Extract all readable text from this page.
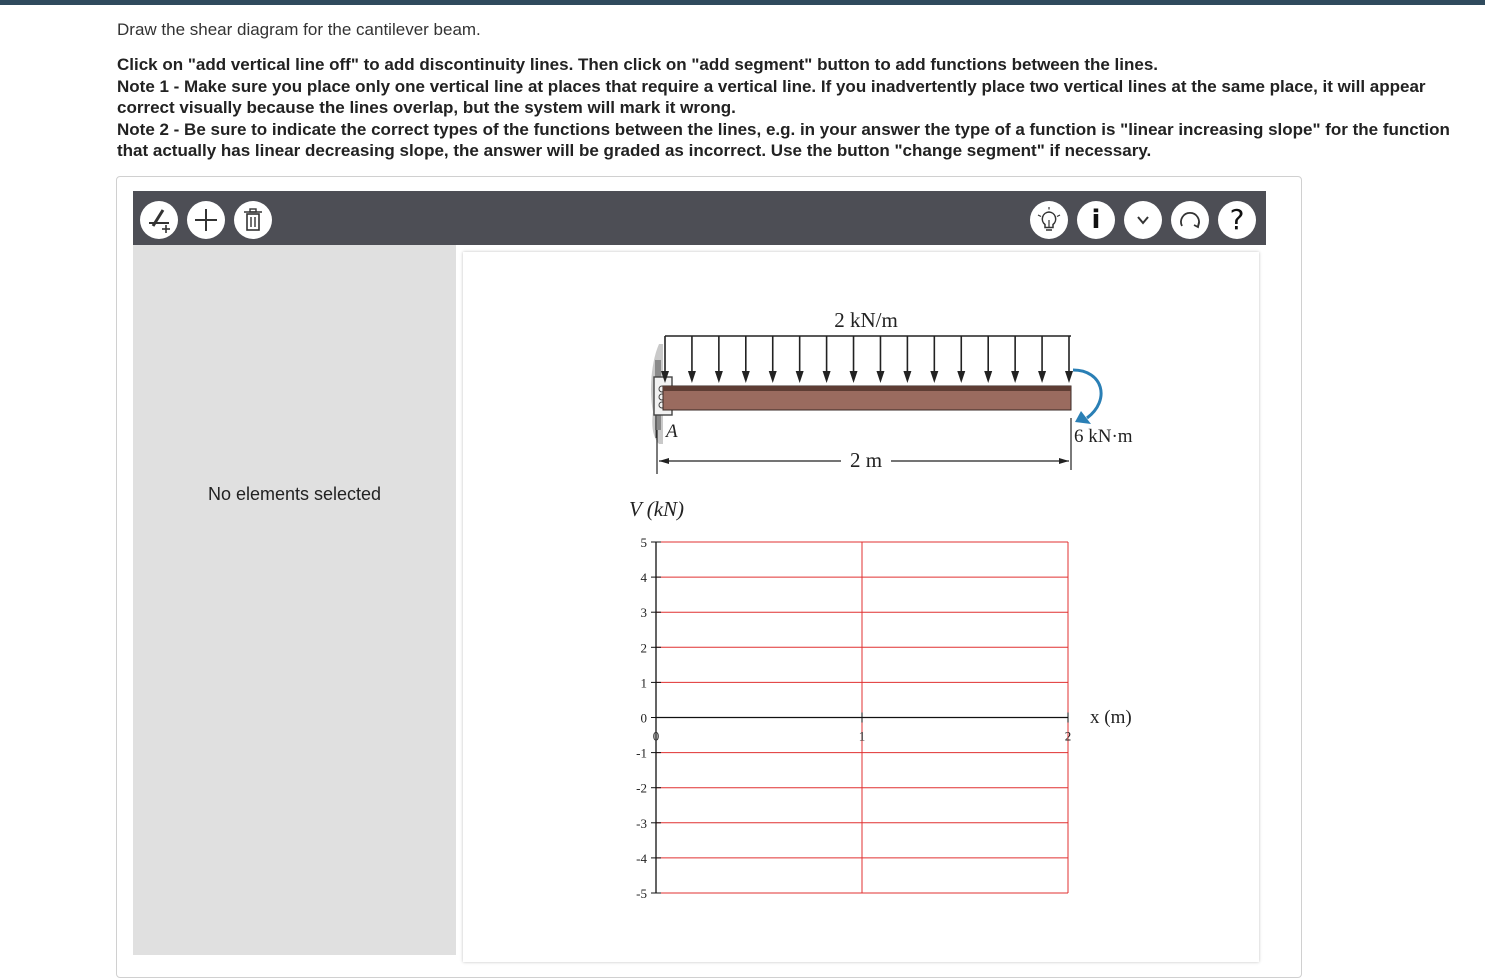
Draw the shear diagram for the cantilever beam.

Click on "add vertical line off" to add discontinuity lines. Then click on "add segment" button to add functions between the lines.

Note 1 - Make sure you place only one vertical line at places that require a vertical line. If you inadvertently place two vertical lines at the same place, it will appear correct visually because the lines overlap, but the system will mark it wrong.

Note 2 - Be sure to indicate the correct types of the functions between the lines, e.g. in your answer the type of a function is "linear increasing slope" for the function that actually has linear decreasing slope, the answer will be graded as incorrect. Use the button "change segment" if necessary.

i	?
No elements selected
2 kN/m
A	6 kN·m
2 m
V (kN)
x (m)
5
4
3
2
1
0
-1
-2
-3
-4
-5
0	1	2
